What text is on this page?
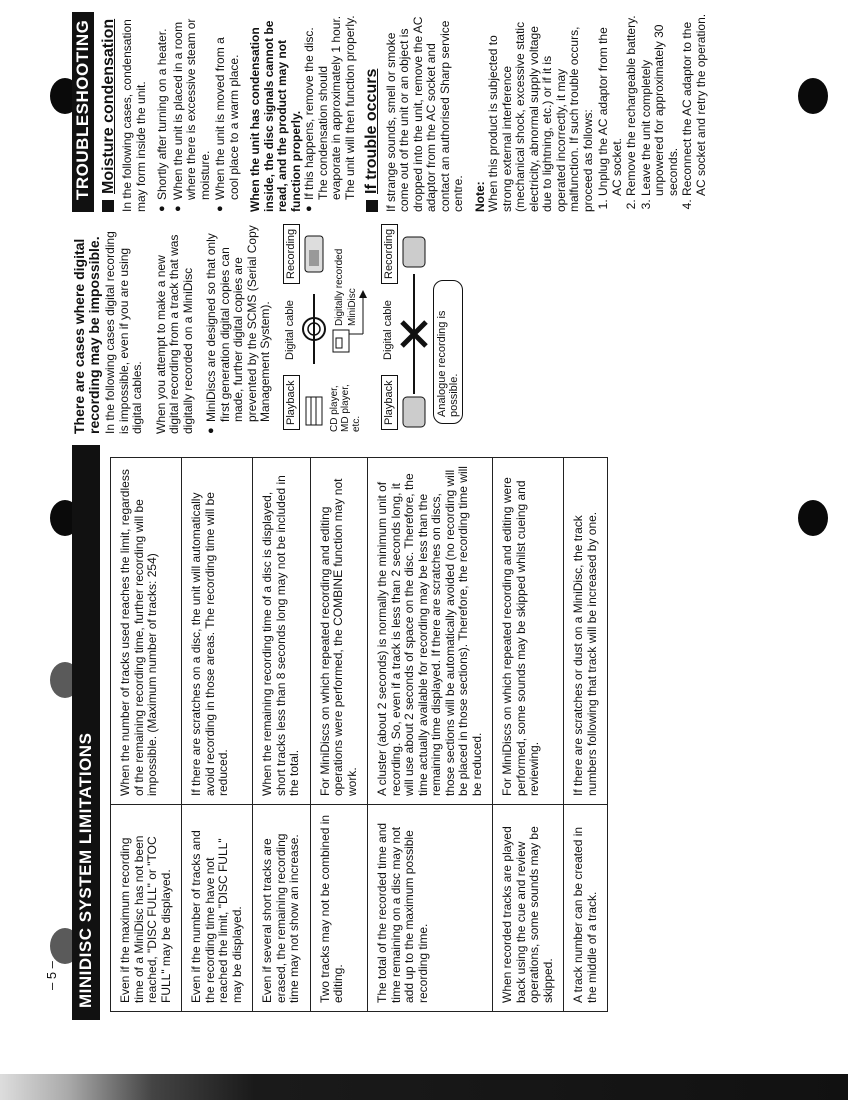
– 5 – MINIDISC SYSTEM LIMITATIONS	Even if the maximum recording time of a MiniDisc has not been reached, "DISC FULL" or "TOC FULL" may be displayed.	When the number of tracks used reaches the limit, regardless of the remaining recording time, further recording will be impossible. (Maximum number of tracks: 254)
Even if the number of tracks and the recording time have not reached the limit, "DISC FULL" may be displayed.	If there are scratches on a disc, the unit will automatically avoid recording in those areas. The recording time will be reduced.
Even if several short tracks are erased, the remaining recording time may not show an increase.	When the remaining recording time of a disc is displayed, short tracks less than 8 seconds long may not be included in the total.
Two tracks may not be combined in editing.	For MiniDiscs on which repeated recording and editing operations were performed, the COMBINE function may not work.
The total of the recorded time and time remaining on a disc may not add up to the maximum possible recording time.	A cluster (about 2 seconds) is normally the minimum unit of recording. So, even if a track is less than 2 seconds long, it will use about 2 seconds of space on the disc. Therefore, the time actually available for recording may be less than the remaining time displayed. If there are scratches on discs, those sections will be automatically avoided (no recording will be placed in those sections). Therefore, the recording time will be reduced.
When recorded tracks are played back using the cue and review operations, some sounds may be skipped.	For MiniDiscs on which repeated recording and editing were performed, some sounds may be skipped whilst cueing and reviewing.
A track number can be created in the middle of a track.	If there are scratches or dust on a MiniDisc, the track numbers following that track will be increased by one.
There are cases where digital recording may be impossible. In the following cases digital recording is impossible, even if you are using digital cables. When you attempt to make a new digital recording from a track that was digitally recorded on a MiniDisc ● MiniDiscs are designed so that only first generation digital copies can made, further digital copies are prevented by the SCMS (Serial Copy Management System). Playback
Digital cable
Recording
CD player, MD player, etc.
Digitally recorded MiniDisc
Playback
Digital cable
Recording
Analogue recording is possible.
TROUBLESHOOTING Moisture condensation In the following cases, condensation may form inside the unit. ● Shortly after turning on a heater. ● When the unit is placed in a room where there is excessive steam or moisture. ● When the unit is moved from a cool place to a warm place. When the unit has condensation inside, the disc signals cannot be read, and the product may not function properly. ● If this happens, remove the disc. The condensation should evaporate in approximately 1 hour. The unit will then function properly. If trouble occurs If strange sounds, smell or smoke come out of the unit or an object is dropped into the unit, remove the AC adaptor from the AC socket and contact an authorised Sharp service centre. Note: When this product is subjected to strong external interference (mechanical shock, excessive static electricity, abnormal supply voltage due to lightning, etc.) or if it is operated incorrectly, it may malfunction. If such trouble occurs, proceed as follows: 1. Unplug the AC adaptor from the AC socket. 2. Remove the rechargeable battery. 3. Leave the unit completely unpowered for approximately 30 seconds. 4. Reconnect the AC adaptor to the AC socket and retry the operation.
